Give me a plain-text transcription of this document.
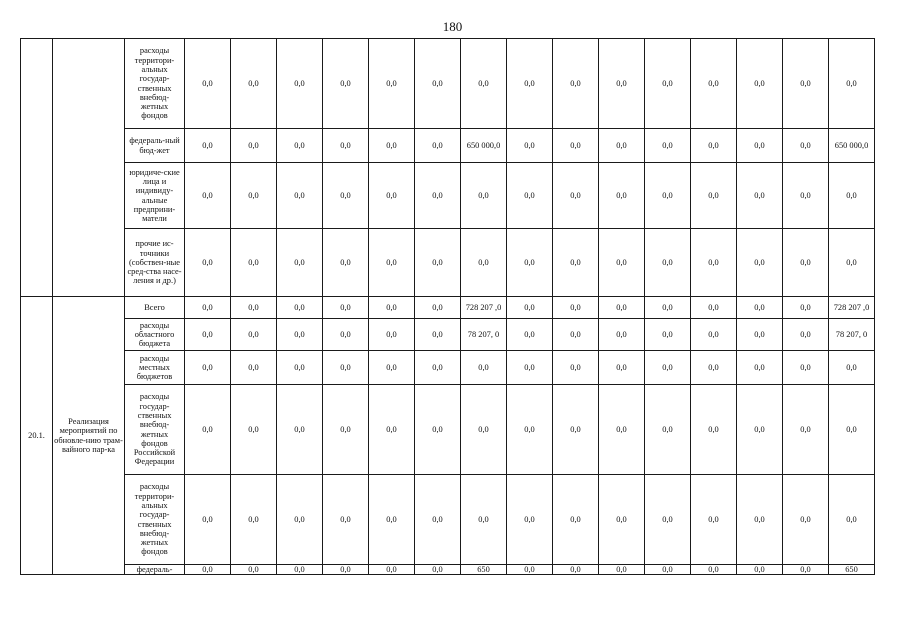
180
		расходы территори-альных государ-ственных внебюд-жетных фондов	0,0	0,0	0,0	0,0	0,0	0,0	0,0	0,0	0,0	0,0	0,0	0,0	0,0	0,0	0,0
		федераль-ный бюд-жет	0,0	0,0	0,0	0,0	0,0	0,0	650 000,0	0,0	0,0	0,0	0,0	0,0	0,0	0,0	650 000,0
		юридиче-ские лица и индивиду-альные предприни-матели	0,0	0,0	0,0	0,0	0,0	0,0	0,0	0,0	0,0	0,0	0,0	0,0	0,0	0,0	0,0
		прочие ис-точники (собствен-ные сред-ства насе-ления и др.)	0,0	0,0	0,0	0,0	0,0	0,0	0,0	0,0	0,0	0,0	0,0	0,0	0,0	0,0	0,0
20.1.	Реализация мероприятий по обновле-нию трам-вайного пар-ка	Всего	0,0	0,0	0,0	0,0	0,0	0,0	728 207 ,0	0,0	0,0	0,0	0,0	0,0	0,0	0,0	728 207 ,0
		расходы областного бюджета	0,0	0,0	0,0	0,0	0,0	0,0	78 207, 0	0,0	0,0	0,0	0,0	0,0	0,0	0,0	78 207, 0
		расходы местных бюджетов	0,0	0,0	0,0	0,0	0,0	0,0	0,0	0,0	0,0	0,0	0,0	0,0	0,0	0,0	0,0
		расходы государ-ственных внебюд-жетных фондов Российской Федерации	0,0	0,0	0,0	0,0	0,0	0,0	0,0	0,0	0,0	0,0	0,0	0,0	0,0	0,0	0,0
		расходы территори-альных государ-ственных внебюд-жетных фондов	0,0	0,0	0,0	0,0	0,0	0,0	0,0	0,0	0,0	0,0	0,0	0,0	0,0	0,0	0,0
		федераль-	0,0	0,0	0,0	0,0	0,0	0,0	650	0,0	0,0	0,0	0,0	0,0	0,0	0,0	650
